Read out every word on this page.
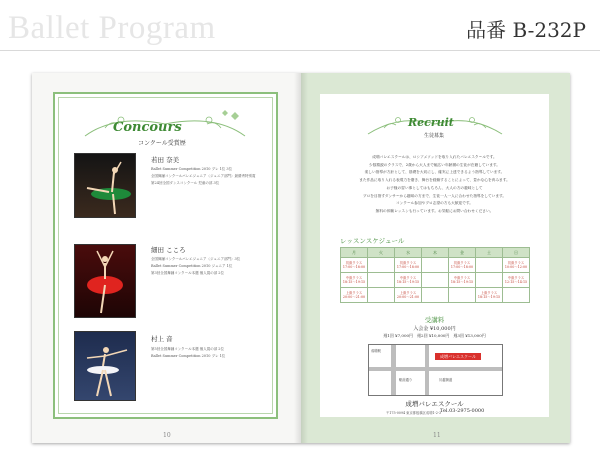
Ballet Program	品番 B-232P
Concours
コンクール受賞歴
若田 奈美
Ballet Summer Competition 2010 プレ 1位 3位
全国舞踊コンクールバレエジュニア（ジュニア部門）最優秀特別賞
第24回全国ダンスコンクール 児童の部 3位
細田 こころ
全国舞踊コンクールバレエジュニア（ジュニア部門）3位
Ballet Summer Competition 2010 ジュニア 1位
第3回全国舞踊コンクール本選 個人賞の部 2位
村上 音
第5回全国舞踊コンクール本選 個人賞の部 2位
Ballet Summer Competition 2010 プレ 1位
10
Recruit
生徒募集
成増バレエスクールは、ロシアメソッドを取り入れたバレエスクールです。
少数精鋭のクラスで、2歳から大人まで幅広い年齢層の生徒が在籍しています。
楽しい指導が方針として、基礎を大切にし、確実に上達できるよう指導しています。
また作品に取り入れる表現力を磨き、舞台を経験することによって、豊かな心を育みます。
お子様の習い事としてはもちろん、大人の方の趣味として
プロを目指すダンサーから趣味の方まで、生徒一人一人に合わせた指導をしています。
コンクール参加やプロ志望の方も大歓迎です。
無料の体験レッスンも行っています。お気軽にお問い合わせください。
レッスンスケジュール
月	火	水	木	金	土	日
初級クラス 17:00〜18:00		初級クラス 17:00〜18:00		初級クラス 17:00〜18:00		初級クラス 10:00〜12:00
中級クラス 18:15〜19:15		中級クラス 18:15〜19:15		中級クラス 18:15〜19:15		中級クラス 12:15〜14:15
上級クラス 20:00〜21:00		上級クラス 20:00〜21:00			上級クラス 18:15〜19:15	
受講料
入会金 ¥10,000円
週1回 ¥7,000円　週2回 ¥10,000円　週3回 ¥13,000円
成増駅
駅前通り	川越街道
成増バレエスクール
成増バレエスクール
〒175-0094 東京都板橋区成増1-2-3
Tel.03-2975-0000
11
